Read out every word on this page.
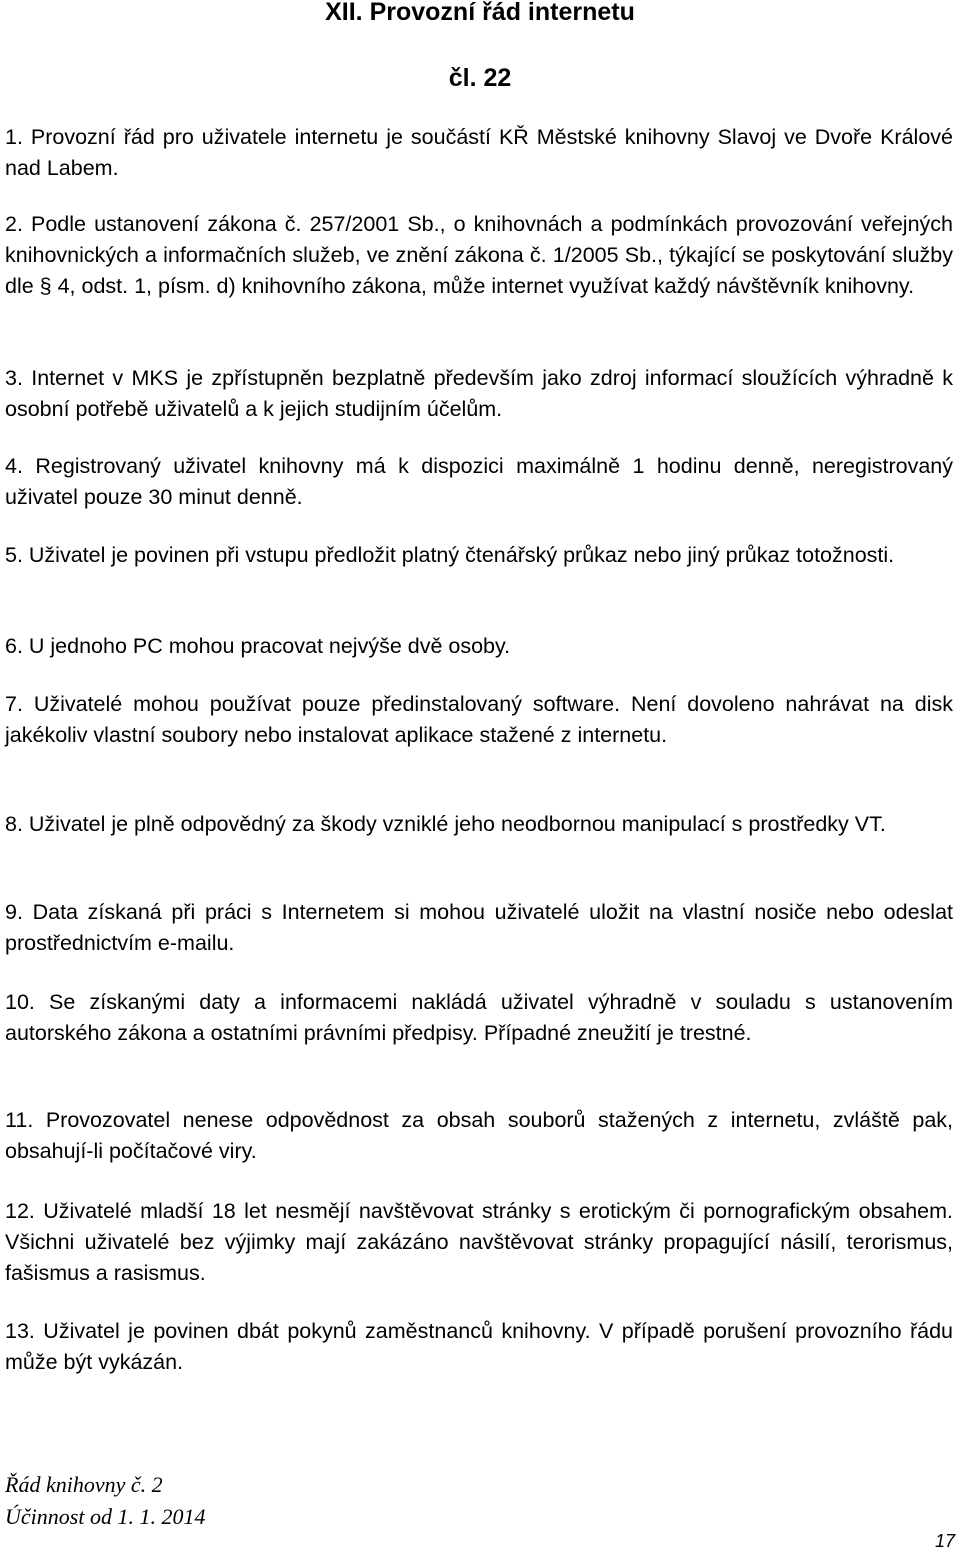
XII. Provozní řád internetu
čl. 22

1. Provozní řád pro uživatele internetu je součástí KŘ Městské knihovny Slavoj ve Dvoře Králové nad Labem.

2. Podle ustanovení zákona č. 257/2001 Sb., o knihovnách a podmínkách provozování veřejných knihovnických a informačních služeb, ve znění zákona č. 1/2005 Sb., týkající se poskytování služby dle § 4, odst. 1, písm. d) knihovního zákona, může internet využívat každý návštěvník knihovny.

3. Internet v MKS je zpřístupněn bezplatně především jako zdroj informací sloužících výhradně k osobní potřebě uživatelů a k jejich studijním účelům.

4. Registrovaný uživatel knihovny má k dispozici maximálně 1 hodinu denně, neregistrovaný uživatel pouze 30 minut denně.

5. Uživatel je povinen při vstupu předložit platný čtenářský průkaz nebo jiný průkaz totožnosti.

6. U jednoho PC mohou pracovat nejvýše dvě osoby.

7. Uživatelé mohou používat pouze předinstalovaný software. Není dovoleno nahrávat na disk jakékoliv vlastní soubory nebo instalovat aplikace stažené z internetu.

8. Uživatel je plně odpovědný za škody vzniklé jeho neodbornou manipulací s prostředky VT.

9. Data získaná při práci s Internetem si mohou uživatelé uložit na vlastní nosiče nebo odeslat prostřednictvím e-mailu.

10. Se získanými daty a informacemi nakládá uživatel výhradně v souladu s ustanovením autorského zákona a ostatními právními předpisy. Případné zneužití je trestné.

11. Provozovatel nenese odpovědnost za obsah souborů stažených z internetu, zvláště pak, obsahují-li počítačové viry.

12. Uživatelé mladší 18 let nesmějí navštěvovat stránky s erotickým či pornografickým obsahem. Všichni uživatelé bez výjimky mají zakázáno navštěvovat stránky propagující násilí, terorismus, fašismus a rasismus.

13. Uživatel je povinen dbát pokynů zaměstnanců knihovny. V případě porušení provozního řádu může být vykázán.

Řád knihovny č. 2

Účinnost od 1. 1. 2014

17
